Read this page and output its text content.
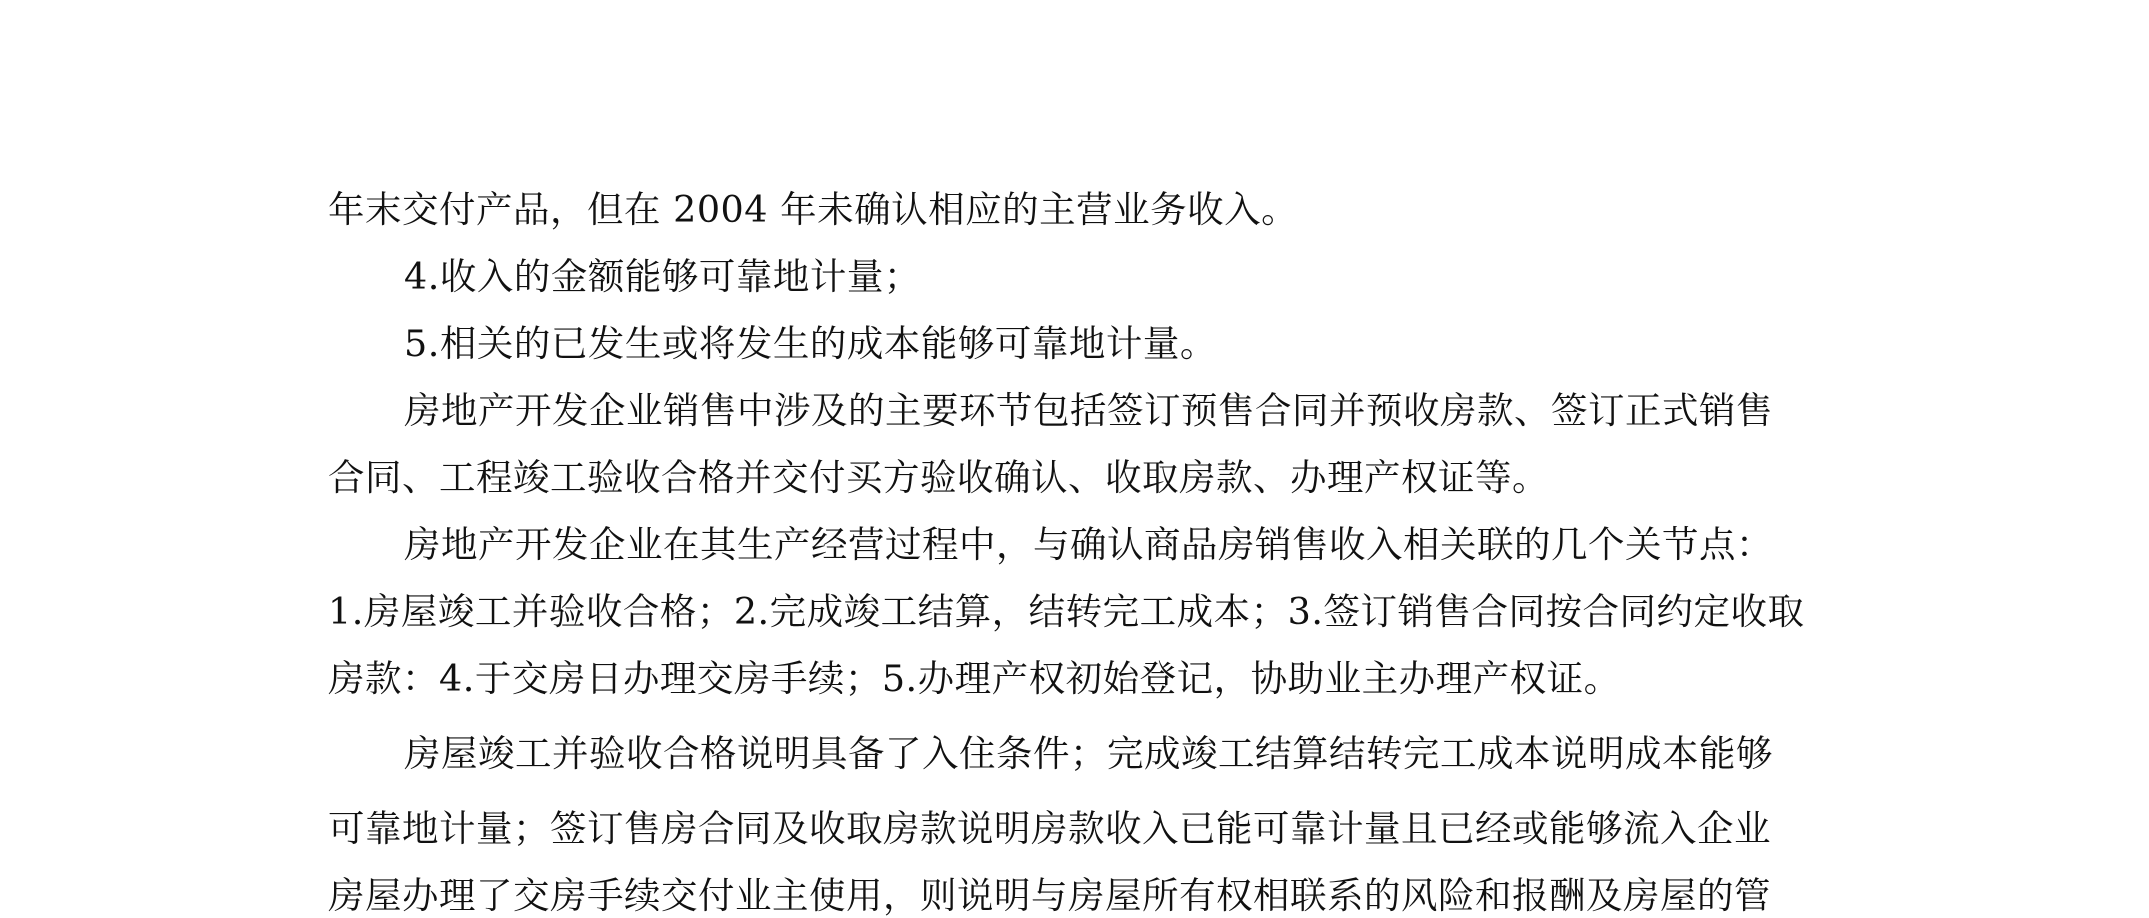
年末交付产品，但在 2004 年未确认相应的主营业务收入。
4.收入的金额能够可靠地计量；
5.相关的已发生或将发生的成本能够可靠地计量。
房地产开发企业销售中涉及的主要环节包括签订预售合同并预收房款、签订正式销售
合同、工程竣工验收合格并交付买方验收确认、收取房款、办理产权证等。
房地产开发企业在其生产经营过程中，与确认商品房销售收入相关联的几个关节点：
1.房屋竣工并验收合格；2.完成竣工结算，结转完工成本；3.签订销售合同按合同约定收取
房款：4.于交房日办理交房手续；5.办理产权初始登记，协助业主办理产权证。
房屋竣工并验收合格说明具备了入住条件；完成竣工结算结转完工成本说明成本能够
可靠地计量；签订售房合同及收取房款说明房款收入已能可靠计量且已经或能够流入企业
房屋办理了交房手续交付业主使用，则说明与房屋所有权相联系的风险和报酬及房屋的管
